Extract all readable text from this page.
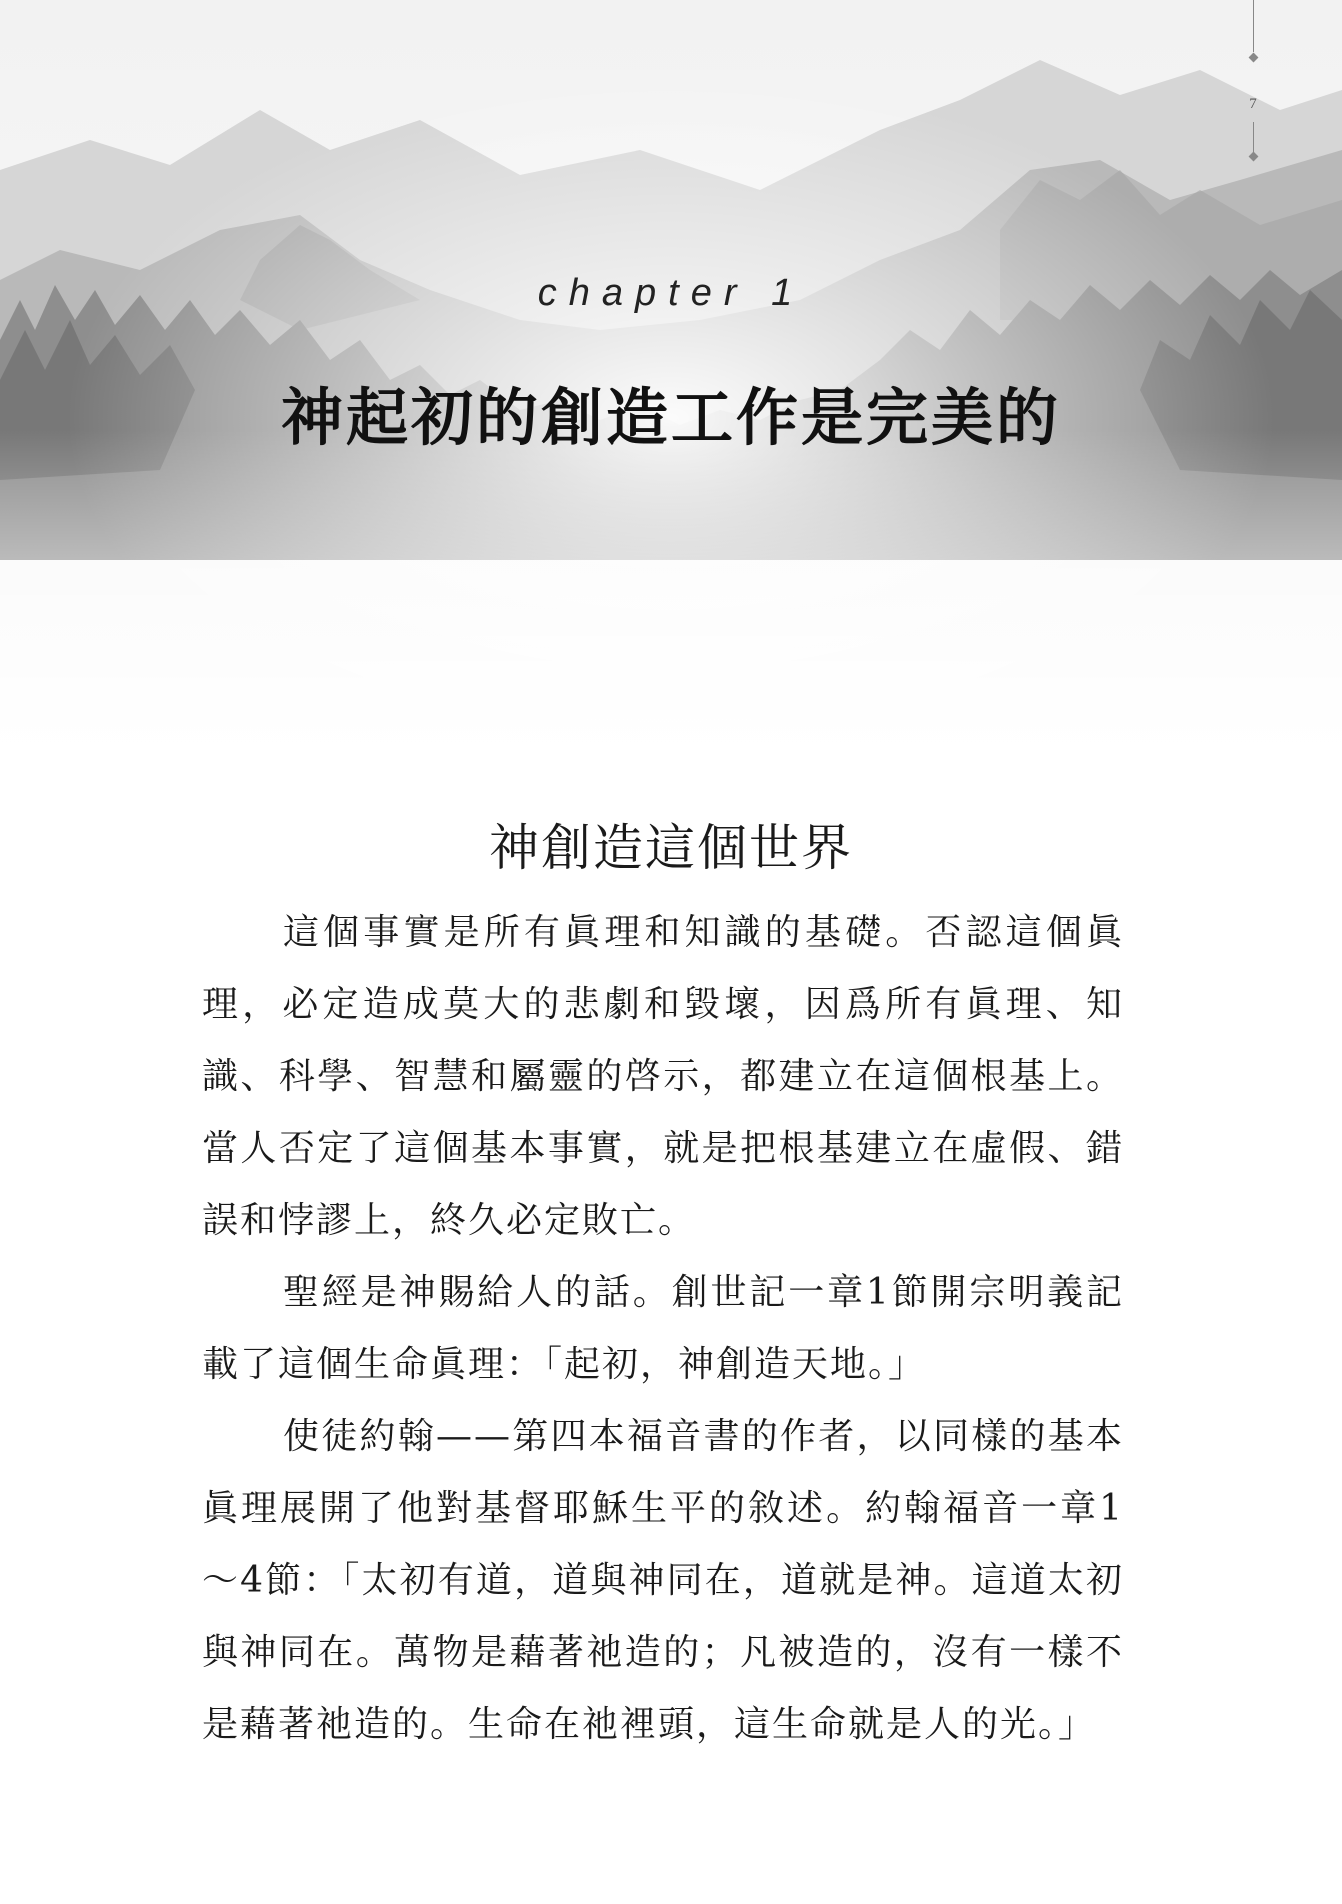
7
chapter 1
神起初的創造工作是完美的
神創造這個世界

這個事實是所有眞理和知識的基礎。否認這個眞理，必定造成莫大的悲劇和毀壞，因爲所有眞理、知識、科學、智慧和屬靈的啓示，都建立在這個根基上。當人否定了這個基本事實，就是把根基建立在虛假、錯誤和悖謬上，終久必定敗亡。

聖經是神賜給人的話。創世記一章1節開宗明義記載了這個生命眞理：「起初，神創造天地。」

使徒約翰——第四本福音書的作者，以同樣的基本眞理展開了他對基督耶穌生平的敘述。約翰福音一章1～4節：「太初有道，道與神同在，道就是神。這道太初與神同在。萬物是藉著祂造的；凡被造的，沒有一樣不是藉著祂造的。生命在祂裡頭，這生命就是人的光。」
